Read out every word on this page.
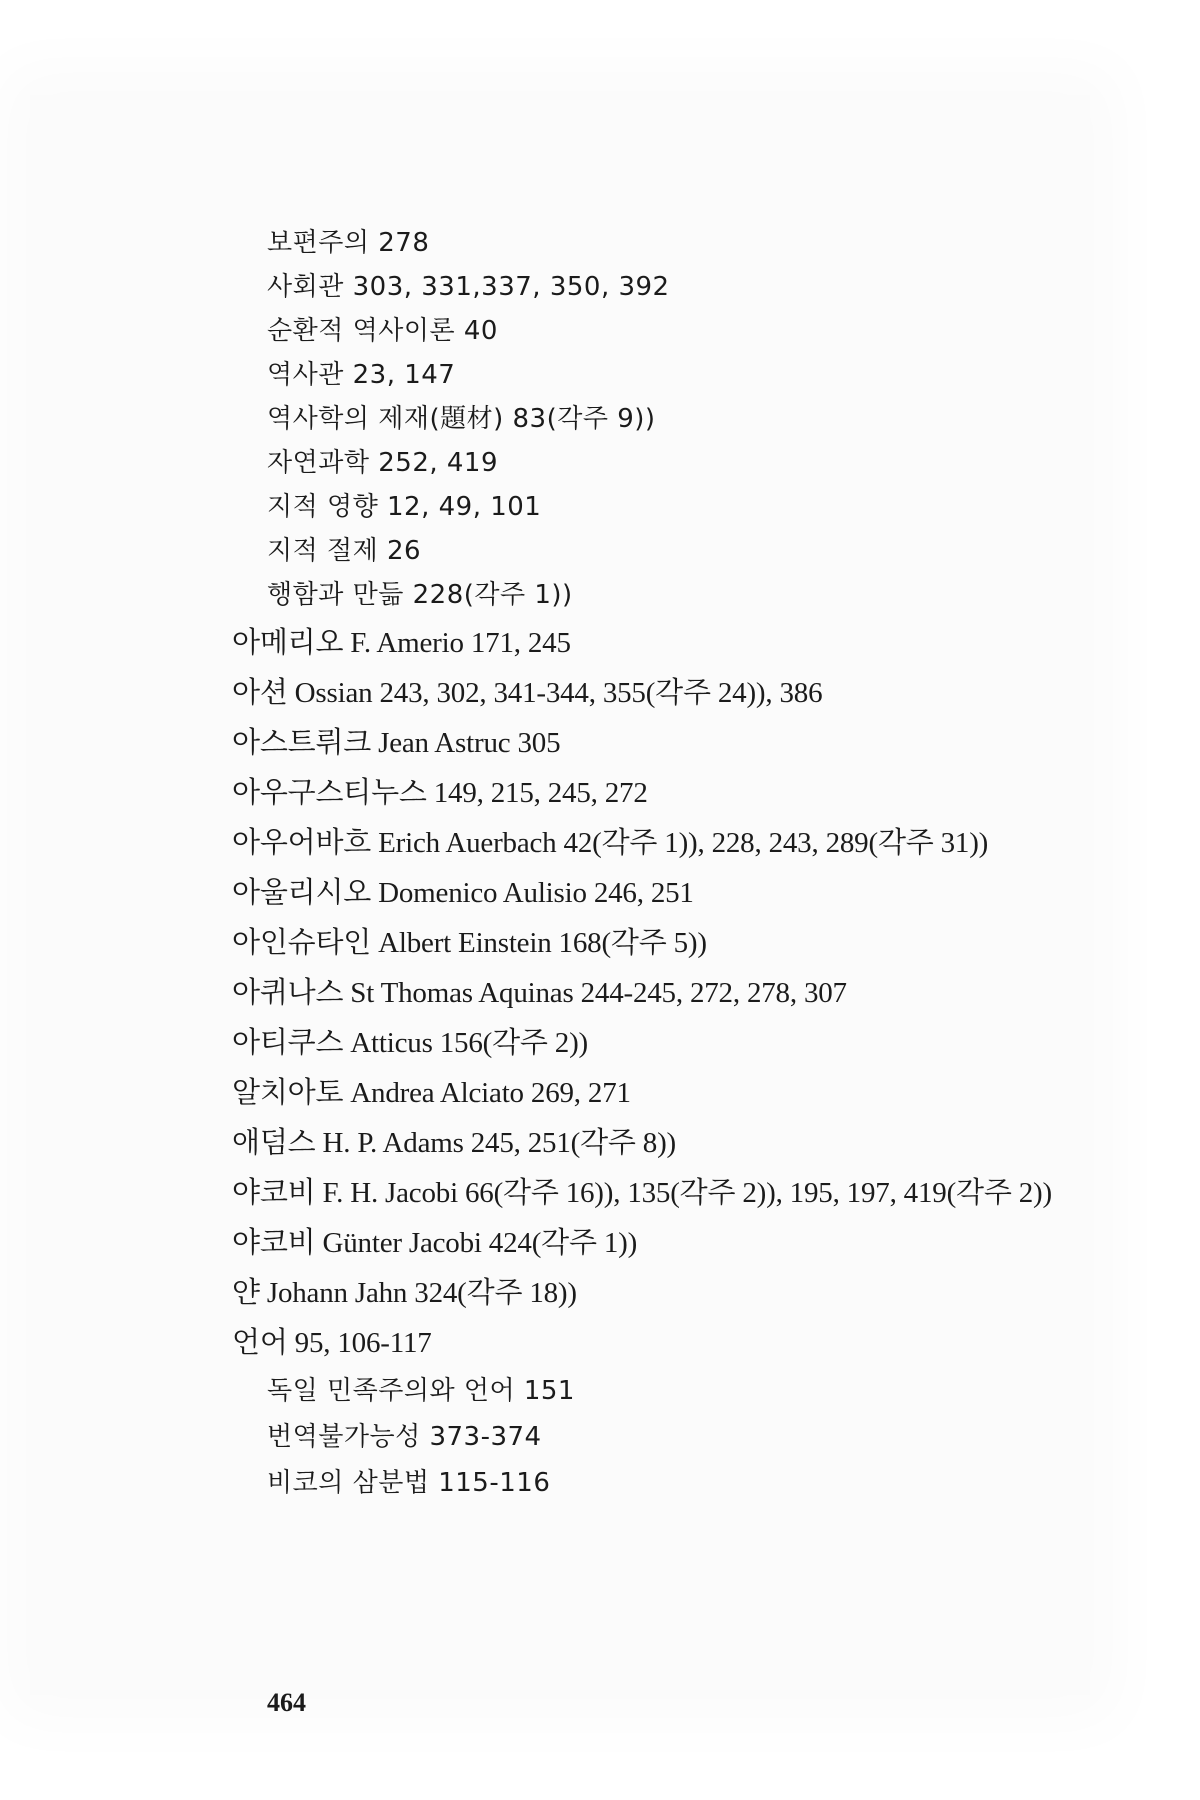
보편주의 278
사회관 303, 331,337, 350, 392
순환적 역사이론 40
역사관 23, 147
역사학의 제재(題材) 83(각주 9))
자연과학 252, 419
지적 영향 12, 49, 101
지적 절제 26
행함과 만듦 228(각주 1))
아메리오 F. Amerio 171, 245
아션 Ossian 243, 302, 341-344, 355(각주 24)), 386
아스트뤼크 Jean Astruc 305
아우구스티누스 149, 215, 245, 272
아우어바흐 Erich Auerbach 42(각주 1)), 228, 243, 289(각주 31))
아울리시오 Domenico Aulisio 246, 251
아인슈타인 Albert Einstein 168(각주 5))
아퀴나스 St Thomas Aquinas 244-245, 272, 278, 307
아티쿠스 Atticus 156(각주 2))
알치아토 Andrea Alciato 269, 271
애덤스 H. P. Adams 245, 251(각주 8))
야코비 F. H. Jacobi 66(각주 16)), 135(각주 2)), 195, 197, 419(각주 2))
야코비 Günter Jacobi 424(각주 1))
얀 Johann Jahn 324(각주 18))
언어 95, 106-117
독일 민족주의와 언어 151
번역불가능성 373-374
비코의 삼분법 115-116
464
